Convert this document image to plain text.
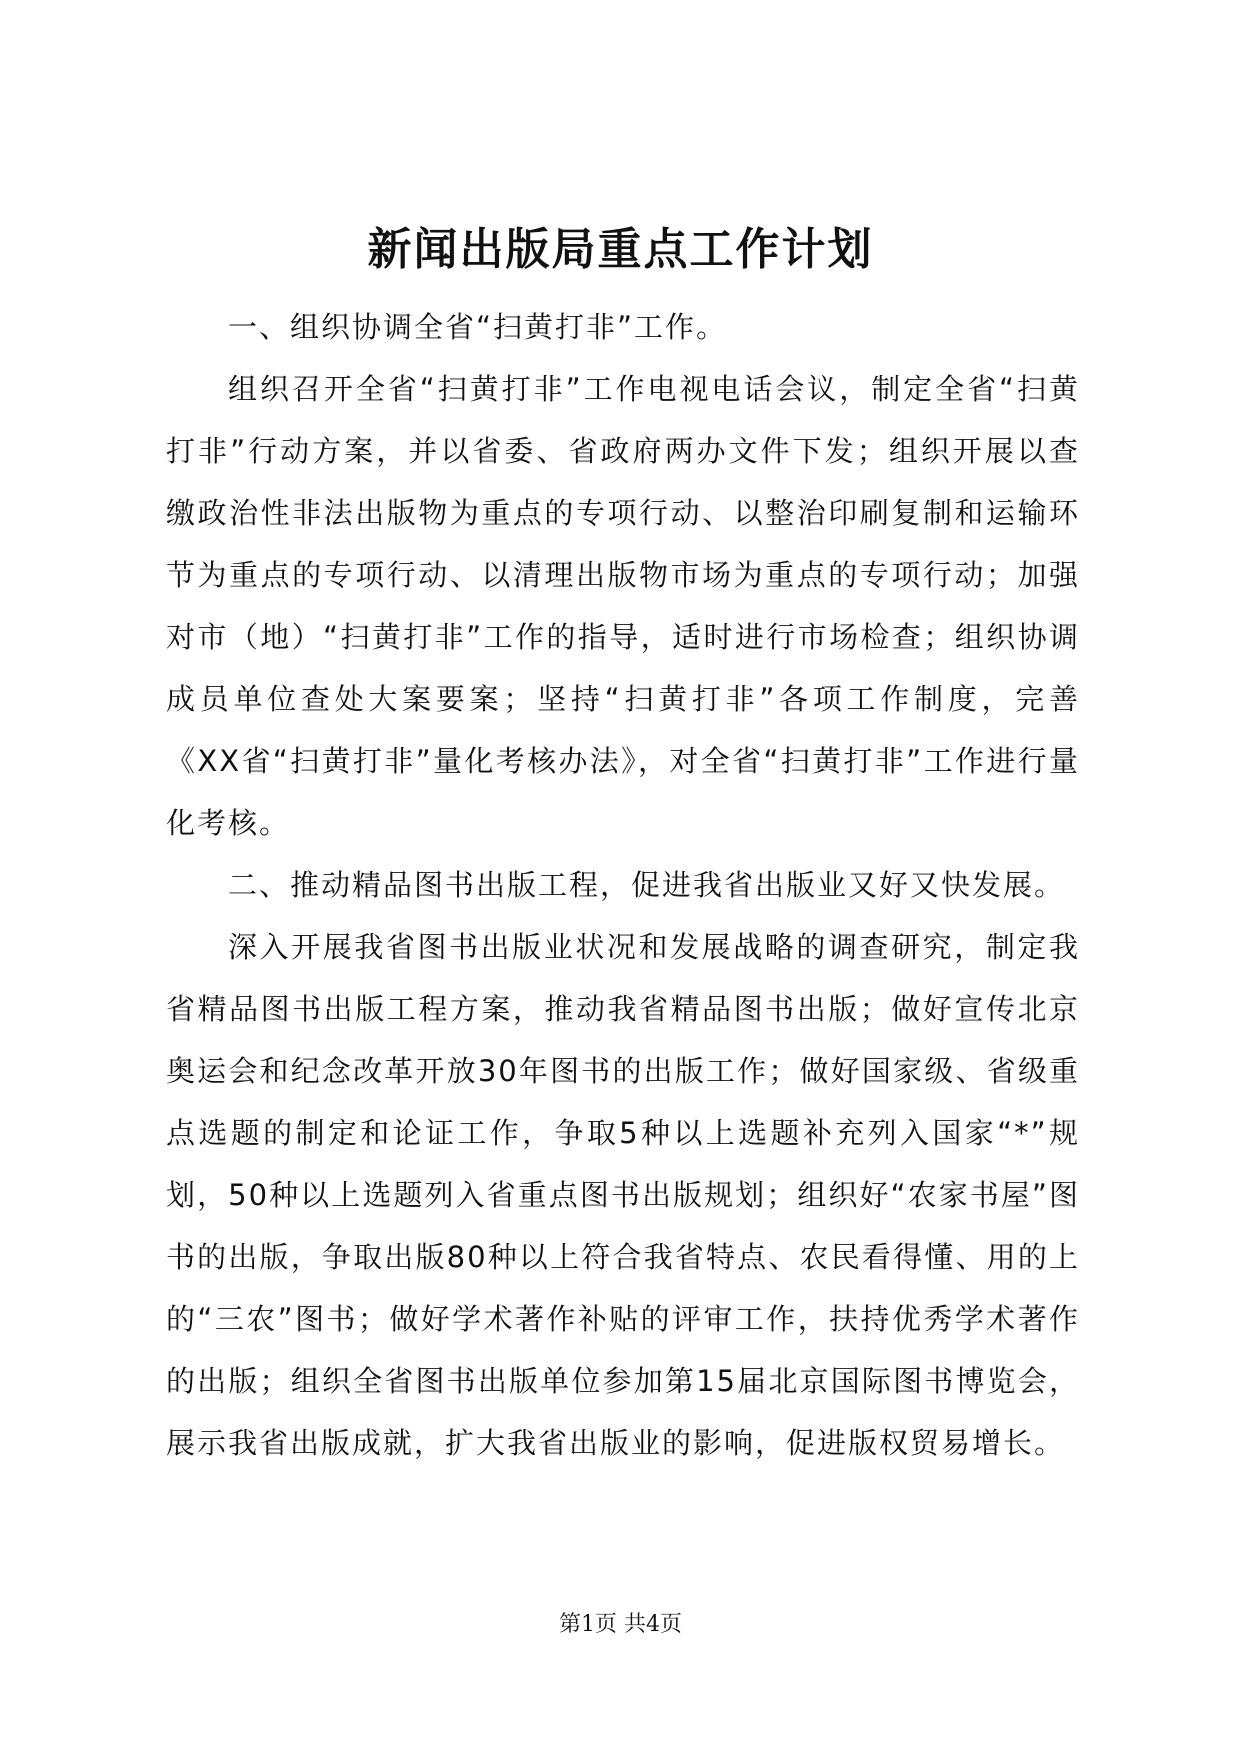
新闻出版局重点工作计划

一、组织协调全省“扫黄打非”工作。

组织召开全省“扫黄打非”工作电视电话会议，制定全省“扫黄打非”行动方案，并以省委、省政府两办文件下发；组织开展以查缴政治性非法出版物为重点的专项行动、以整治印刷复制和运输环节为重点的专项行动、以清理出版物市场为重点的专项行动；加强对市（地）“扫黄打非”工作的指导，适时进行市场检查；组织协调成员单位查处大案要案；坚持“扫黄打非”各项工作制度，完善《XX省“扫黄打非”量化考核办法》，对全省“扫黄打非”工作进行量化考核。

二、推动精品图书出版工程，促进我省出版业又好又快发展。

深入开展我省图书出版业状况和发展战略的调查研究，制定我省精品图书出版工程方案，推动我省精品图书出版；做好宣传北京奥运会和纪念改革开放30年图书的出版工作；做好国家级、省级重点选题的制定和论证工作，争取5种以上选题补充列入国家“*”规划，50种以上选题列入省重点图书出版规划；组织好“农家书屋”图书的出版，争取出版80种以上符合我省特点、农民看得懂、用的上的“三农”图书；做好学术著作补贴的评审工作，扶持优秀学术著作的出版；组织全省图书出版单位参加第15届北京国际图书博览会，展示我省出版成就，扩大我省出版业的影响，促进版权贸易增长。

第1页 共4页
